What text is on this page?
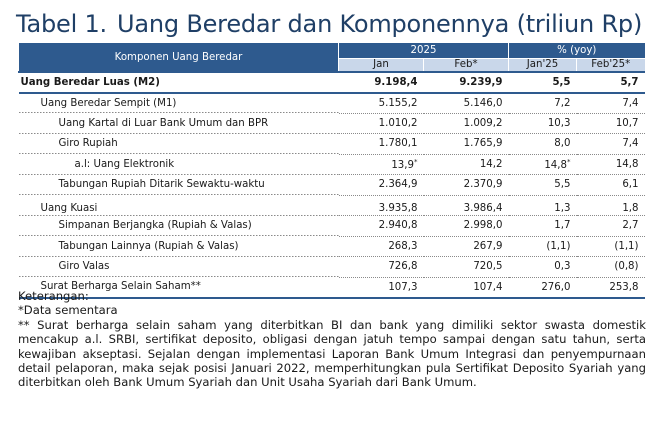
Tabel 1. Uang Beredar dan Komponennya (triliun Rp)
Komponen Uang Beredar	2025		% (yoy)	
	Jan	Feb*	Jan'25	Feb'25*
Uang Beredar Luas (M2)	9.198,4	9.239,9	5,5	5,7
Uang Beredar Sempit (M1)	5.155,2	5.146,0	7,2	7,4
Uang Kartal di Luar Bank Umum dan BPR	1.010,2	1.009,2	10,3	10,7
Giro Rupiah	1.780,1	1.765,9	8,0	7,4
a.l: Uang Elektronik	13,9*	14,2	14,8*	14,8
Tabungan Rupiah Ditarik Sewaktu-waktu	2.364,9	2.370,9	5,5	6,1
Uang Kuasi	3.935,8	3.986,4	1,3	1,8
Simpanan Berjangka (Rupiah & Valas)	2.940,8	2.998,0	1,7	2,7
Tabungan Lainnya (Rupiah & Valas)	268,3	267,9	(1,1)	(1,1)
Giro Valas	726,8	720,5	0,3	(0,8)
Surat Berharga Selain Saham**	107,3	107,4	276,0	253,8
Keterangan:
*Data sementara
** Surat berharga selain saham yang diterbitkan BI dan bank yang dimiliki sektor swasta domestik mencakup a.l. SRBI, sertifikat deposito, obligasi dengan jatuh tempo sampai dengan satu tahun, serta kewajiban akseptasi. Sejalan dengan implementasi Laporan Bank Umum Integrasi dan penyempurnaan detail pelaporan, maka sejak posisi Januari 2022, memperhitungkan pula Sertifikat Deposito Syariah yang diterbitkan oleh Bank Umum Syariah dan Unit Usaha Syariah dari Bank Umum.
